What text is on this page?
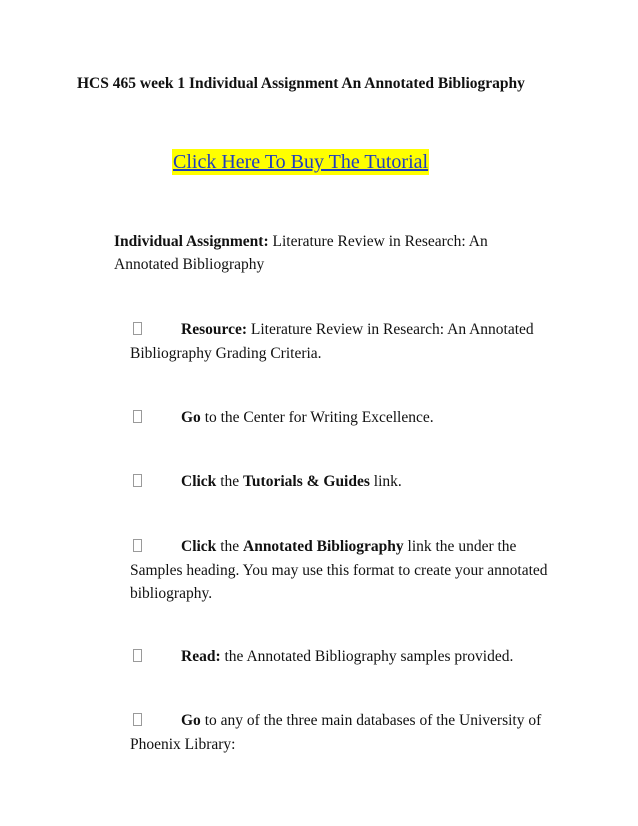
HCS 465 week 1 Individual Assignment An Annotated Bibliography
Click Here To Buy The Tutorial
Individual Assignment: Literature Review in Research: An Annotated Bibliography
Resource: Literature Review in Research: An Annotated Bibliography Grading Criteria.
Go to the Center for Writing Excellence.
Click the Tutorials & Guides link.
Click the Annotated Bibliography link the under the Samples heading. You may use this format to create your annotated bibliography.
Read: the Annotated Bibliography samples provided.
Go to any of the three main databases of the University of Phoenix Library:
